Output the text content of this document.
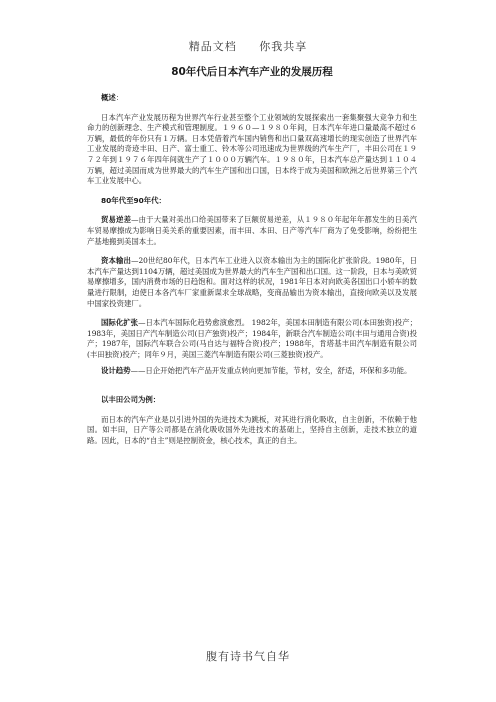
精品文档 你我共享
80年代后日本汽车产业的发展历程

概述：

日本汽车产业发展历程为世界汽车行业甚至整个工业领域的发展探索出一套集聚强大竞争力和生命力的创新理念、生产模式和管理制度。１９６０—１９８０年间，日本汽车年进口量最高不超过６万辆，最低的年份只有１万辆。日本凭借着汽车国内销售和出口量双高速增长的现实创造了世界汽车工业发展的奇迹丰田、日产、富士重工、铃木等公司迅速成为世界级的汽车生产厂，丰田公司在１９７２年到１９７６年四年间就生产了１０００万辆汽车。１９８０年，日本汽车总产量达到１１０４万辆，超过美国而成为世界最大的汽车生产国和出口国，日本终于成为美国和欧洲之后世界第三个汽车工业发展中心。

80年代至90年代：

贸易逆差—由于大量对美出口给美国带来了巨额贸易逆差，从１９８０年起年年都发生的日美汽车贸易摩擦成为影响日美关系的重要因素，而丰田、本田、日产等汽车厂商为了免受影响，纷纷把生产基地搬到美国本土。

资本输出—20世纪80年代，日本汽车工业进入以资本输出为主的国际化扩张阶段。1980年，日本汽车产量达到1104万辆，超过美国成为世界最大的汽车生产国和出口国。这一阶段，日本与美欧贸易摩擦增多，国内消费市场的日趋饱和。面对这样的状况，1981年日本对向欧美各国出口小轿车的数量进行限制，迫使日本各汽车厂家重新谋求全球战略，变商品输出为资本输出，直接向欧美以及发展中国家投资建厂。

国际化扩张—日本汽车国际化趋势愈演愈烈。 1982年，美国本田制造有限公司(本田独资)投产；1983年，美国日产汽车制造公司(日产独资)投产；1984年，新联合汽车制造公司(丰田与通用合资)投产；1987年，国际汽车联合公司(马自达与福特合资)投产；1988年，肯塔基丰田汽车制造有限公司(丰田独资)投产；同年９月，美国三菱汽车制造有限公司(三菱独资)投产。

设计趋势——日企开始把汽车产品开发重点转向更加节能，节材，安全，舒适，环保和多功能。

以丰田公司为例：

而日本的汽车产业是以引进外国的先进技术为跳板，对其进行消化吸收，自主创新，不依赖于他国。如丰田，日产等公司都是在消化吸收国外先进技术的基础上，坚持自主创新，走技术独立的道路。因此，日本的“自主”则是控制资金，核心技术，真正的自主。

腹有诗书气自华
